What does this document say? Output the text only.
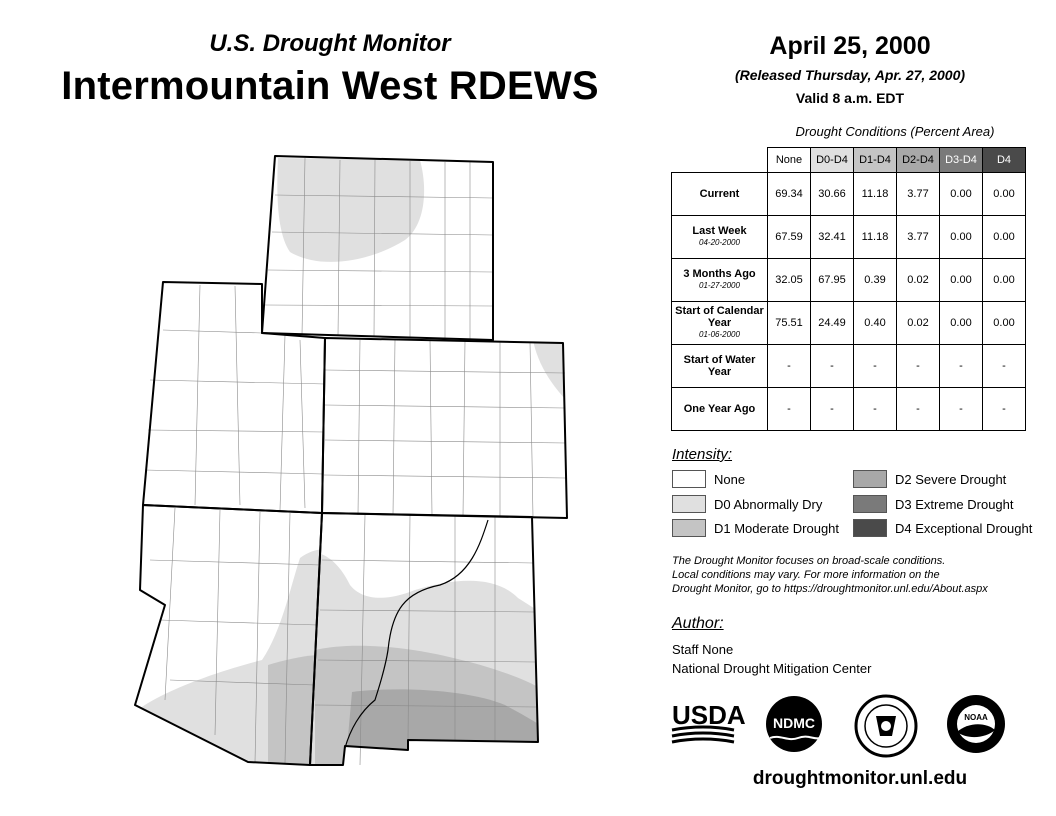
U.S. Drought Monitor
Intermountain West RDEWS
April 25, 2000
(Released Thursday, Apr. 27, 2000)
Valid 8 a.m. EDT
Drought Conditions (Percent Area)
	None	D0-D4	D1-D4	D2-D4	D3-D4	D4
Current	69.34	30.66	11.18	3.77	0.00	0.00
Last Week
04-20-2000	67.59	32.41	11.18	3.77	0.00	0.00
3 Months Ago
01-27-2000	32.05	67.95	0.39	0.02	0.00	0.00
Start of Calendar Year
01-06-2000	75.51	24.49	0.40	0.02	0.00	0.00
Start of Water Year	-	-	-	-	-	-
One Year Ago	-	-	-	-	-	-
Intensity:
None
D0 Abnormally Dry
D1 Moderate Drought
D2 Severe Drought
D3 Extreme Drought
D4 Exceptional Drought
The Drought Monitor focuses on broad-scale conditions.
Local conditions may vary. For more information on the
Drought Monitor, go to https://droughtmonitor.unl.edu/About.aspx
Author:
Staff None
National Drought Mitigation Center
USDA NDMC	NOAA
droughtmonitor.unl.edu
